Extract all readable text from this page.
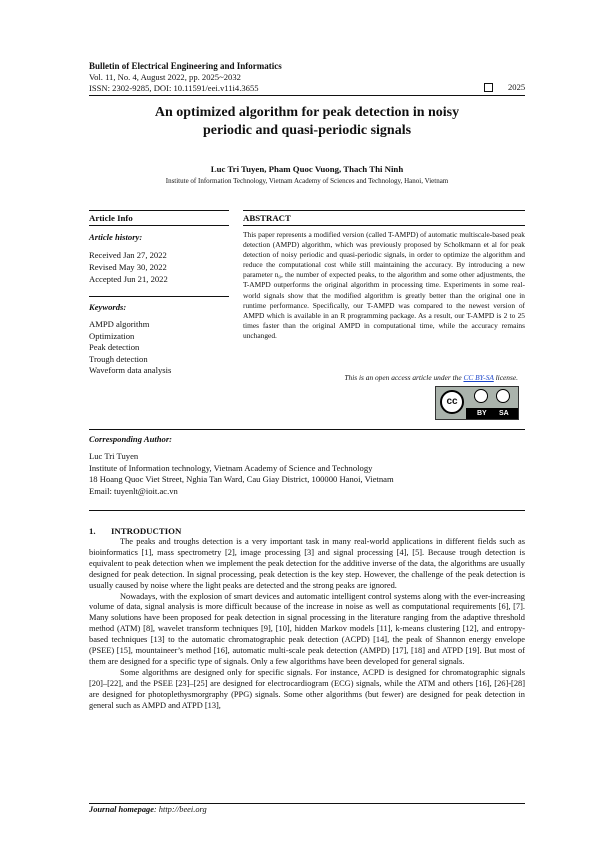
Bulletin of Electrical Engineering and Informatics
Vol. 11, No. 4, August 2022, pp. 2025~2032
ISSN: 2302-9285, DOI: 10.11591/eei.v11i4.3655	2025
An optimized algorithm for peak detection in noisy
periodic and quasi-periodic signals
Luc Tri Tuyen, Pham Quoc Vuong, Thach Thi Ninh
Institute of Information Technology, Vietnam Academy of Sciences and Technology, Hanoi, Vietnam
Article Info	ABSTRACT
Article history:
Received Jan 27, 2022
Revised May 30, 2022
Accepted Jun 21, 2022
Keywords:
AMPD algorithm
Optimization
Peak detection
Trough detection
Waveform data analysis
This paper represents a modified version (called T-AMPD) of automatic multiscale-based peak detection (AMPD) algorithm, which was previously proposed by Scholkmann et al for peak detection of noisy periodic and quasi-periodic signals, in order to optimize the algorithm and reduce the computational cost while still maintaining the accuracy. By introducing a new parameter n₀, the number of expected peaks, to the algorithm and some other adjustments, the T-AMPD outperforms the original algorithm in processing time. Experiments in some real-world signals show that the modified algorithm is greatly better than the original one in runtime performance. Specifically, our T-AMPD was compared to the newest version of AMPD which is available in an R programming package. As a result, our T-AMPD is 2 to 25 times faster than the original AMPD in computational time, while the accuracy remains unchanged.
This is an open access article under the CC BY-SA license.
cc
BY SA
Corresponding Author:
Luc Tri Tuyen
Institute of Information technology, Vietnam Academy of Science and Technology
18 Hoang Quoc Viet Street, Nghia Tan Ward, Cau Giay District, 100000 Hanoi, Vietnam
Email: tuyenlt@ioit.ac.vn
1.       INTRODUCTION

The peaks and troughs detection is a very important task in many real-world applications in different fields such as bioinformatics [1], mass spectrometry [2], image processing [3] and signal processing [4], [5]. Because trough detection is equivalent to peak detection when we implement the peak detection for the additive inverse of the data, the algorithms are usually designed for peak detection. In signal processing, peak detection is the key step. However, the challenge of the peak detection is usually caused by noise where the light peaks are detected and the strong peaks are ignored.

Nowadays, with the explosion of smart devices and automatic intelligent control systems along with the ever-increasing volume of data, signal analysis is more difficult because of the increase in noise as well as computational requirements [6], [7]. Many solutions have been proposed for peak detection in signal processing in the literature ranging from the adaptive threshold method (ATM) [8], wavelet transform techniques [9], [10], hidden Markov models [11], k-means clustering [12], and entropy-based techniques [13] to the automatic chromatographic peak detection (ACPD) [14], the peak of Shannon energy envelope (PSEE) [15], mountaineer’s method [16], automatic multi-scale peak detection (AMPD) [17], [18] and ATPD [19]. But most of them are designed for a specific type of signals. Only a few algorithms have been developed for general signals.

Some algorithms are designed only for specific signals. For instance, ACPD is designed for chromatographic signals [20]–[22], and the PSEE [23]–[25] are designed for electrocardiogram (ECG) signals, while the ATM and others [16], [26]-[28] are designed for photoplethysmorgraphy (PPG) signals. Some other algorithms (but fewer) are designed for peak detection in general such as AMPD and ATPD [13],

Journal homepage: http://beei.org
